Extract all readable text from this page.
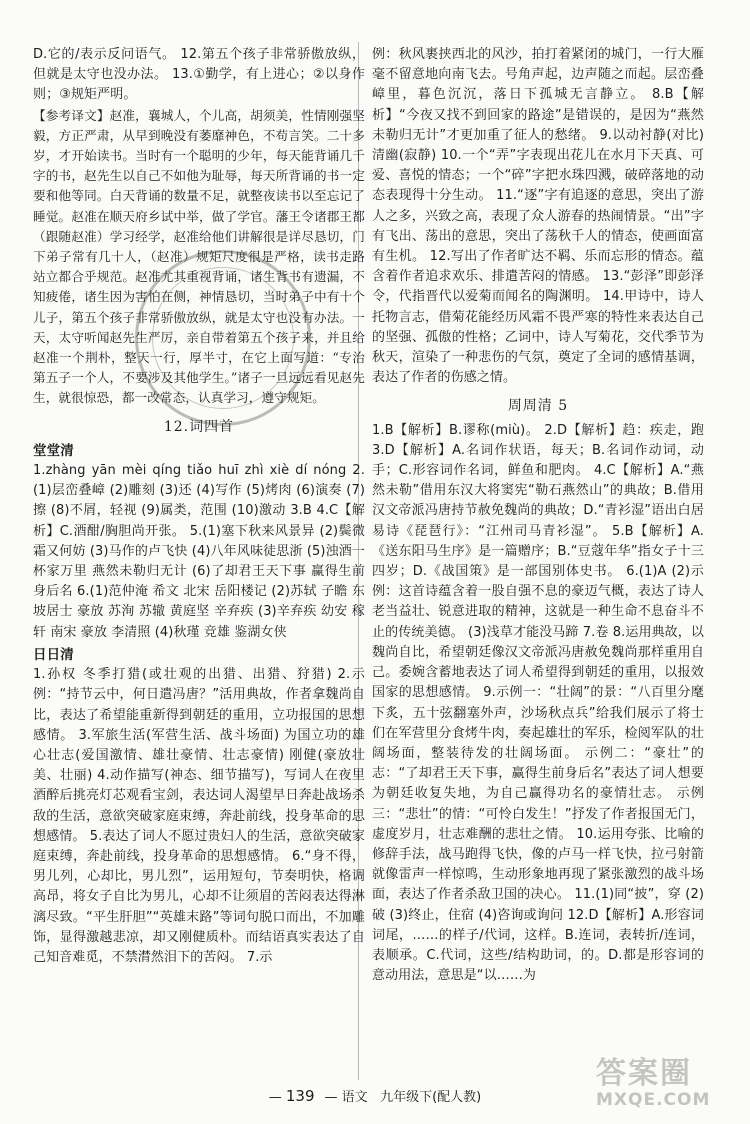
D.它的/表示反问语气。 12.第五个孩子非常骄傲放纵，但就是太守也没办法。 13.①勤学，有上进心；②以身作则；③规矩严明。

【参考译文】赵准，襄城人，个儿高，胡须美，性情刚强坚毅，方正严肃，从早到晚没有萎靡神色，不苟言笑。二十多岁，才开始读书。当时有一个聪明的少年，每天能背诵几千字的书，赵先生以自己不如他为耻辱，每天所背诵的书一定要和他等同。白天背诵的数量不足，就整夜读书以至忘记了睡觉。赵准在顺天府乡试中举，做了学官。藩王令诸郡王都（跟随赵准）学习经学，赵准给他们讲解很是详尽恳切，门下弟子常有几十人，（赵准）规矩尺度很是严格，读书走路站立都合乎规范。赵准尤其重视背诵，诸生背书有遗漏，不知疲倦，诸生因为害怕在侧，神情恳切，当时弟子中有十个儿子，第五个孩子非常骄傲放纵，就是太守也没有办法。一天，太守听闻赵先生严厉，亲自带着第五个孩子来，并且给赵准一个荆朴，整天一行，厚半寸，在它上面写道：“专治第五子一个人，不要涉及其他学生。”诸子一旦远远看见赵先生，就很惊恐，都一改常态，认真学习，遵守规矩。

12.词四首
堂堂清

1.zhàng yān mèi qíng tiǎo huī zhì xiè dí nóng 2.(1)层峦叠嶂 (2)雕刻 (3)还 (4)写作 (5)烤肉 (6)演奏 (7)擦 (8)不屑，轻视 (9)属类，范围 (10)激动 3.B 4.C【解析】C.酒酣/胸胆尚开张。 5.(1)塞下秋来风景异 (2)鬓微霜又何妨 (3)马作的卢飞快 (4)八年风味徒思浙 (5)浊酒一杯家万里 燕然未勒归无计 (6)了却君王天下事 赢得生前身后名 6.(1)范仲淹 希文 北宋 岳阳楼记 (2)苏轼 子瞻 东坡居士 豪放 苏洵 苏辙 黄庭坚 辛弃疾 (3)辛弃疾 幼安 稼轩 南宋 豪放 李清照 (4)秋瑾 竞雄 鉴湖女侠

日日清

1.孙权 冬季打猎(或壮观的出猎、出猎、狩猎) 2.示例：“持节云中，何日遣冯唐？”活用典故，作者拿魏尚自比，表达了希望能重新得到朝廷的重用，立功报国的思想感情。 3.军旅生活(军营生活、战斗场面) 为国立功的雄心壮志(爱国激情、雄壮豪情、壮志豪情) 刚健(豪放壮美、壮丽) 4.动作描写(神态、细节描写)，写词人在夜里酒醉后挑亮灯芯观看宝剑，表达词人渴望早日奔赴战场杀敌的生活，意欲突破家庭束缚，奔赴前线，投身革命的思想感情。 5.表达了词人不愿过贵妇人的生活，意欲突破家庭束缚，奔赴前线，投身革命的思想感情。 6.“身不得，男儿列，心却比，男儿烈”，运用短句，节奏明快，格调高昂，将女子自比为男儿，心却不让须眉的苦闷表达得淋漓尽致。“平生肝胆”“英雄末路”等词句脱口而出，不加雕饰，显得激越悲凉，却又刚健质朴。而结语真实表达了自己知音难觅，不禁潸然泪下的苦闷。 7.示

例：秋风裹挟西北的风沙，拍打着紧闭的城门，一行大雁毫不留意地向南飞去。号角声起，边声随之而起。层峦叠嶂里，暮色沉沉，落日下孤城无言静立。 8.B【解析】“今夜又找不到回家的路途”是错误的，是因为“燕然未勒归无计”才更加重了征人的愁绪。 9.以动衬静(对比) 清幽(寂静) 10.一个“弄”字表现出花儿在水月下天真、可爱、喜悦的情态；一个“碎”字把水珠四溅，破碎落地的动态表现得十分生动。 11.“逐”字有追逐的意思，突出了游人之多，兴致之高，表现了众人游春的热闹情景。“出”字有飞出、荡出的意思，突出了荡秋千人的情态，使画面富有生机。 12.写出了作者旷达不羁、乐而忘形的情态。蕴含着作者追求欢乐、排遣苦闷的情感。 13.“彭泽”即彭泽令，代指晋代以爱菊而闻名的陶渊明。 14.甲诗中，诗人托物言志，借菊花能经历风霜不畏严寒的特性来表达自己的坚强、孤傲的性格；乙词中，诗人写菊花，交代季节为秋天，渲染了一种悲伤的气氛，奠定了全词的感情基调，表达了作者的伤感之情。

周周清 5

1.B【解析】B.谬称(miù)。 2.D【解析】趋：疾走，跑 3.D【解析】A.名词作状语，每天；B.名词作动词，动手；C.形容词作名词，鲜鱼和肥肉。 4.C【解析】A.“燕然未勒”借用东汉大将窦宪“勒石燕然山”的典故；B.借用汉文帝派冯唐持节赦免魏尚的典故；D.“青衫湿”语出白居易诗《琵琶行》：“江州司马青衫湿”。 5.B【解析】A.《送东阳马生序》是一篇赠序；B.“豆蔻年华”指女子十三四岁；D.《战国策》是一部国别体史书。 6.(1)A (2)示例：这首诗蕴含着一股自强不息的豪迈气概，表达了诗人老当益壮、锐意进取的精神，这就是一种生命不息奋斗不止的传统美德。 (3)浅草才能没马蹄 7.卷 8.运用典故，以魏尚自比，希望朝廷像汉文帝派冯唐赦免魏尚那样重用自己。委婉含蓄地表达了词人希望得到朝廷的重用，以报效国家的思想感情。 9.示例一：“壮阔”的景：“八百里分麾下炙，五十弦翻塞外声，沙场秋点兵”给我们展示了将士们在军营里分食烤牛肉，奏起雄壮的军乐，检阅军队的壮阔场面，整装待发的壮阔场面。 示例二：“豪壮”的志：“了却君王天下事，赢得生前身后名”表达了词人想要为朝廷收复失地，为自己赢得功名的豪情壮志。 示例三：“悲壮”的情：“可怜白发生！”抒发了作者报国无门，虚度岁月，壮志难酬的悲壮之情。 10.运用夸张、比喻的修辞手法，战马跑得飞快，像的卢马一样飞快，拉弓射箭就像雷声一样惊鸣，生动形象地再现了紧张激烈的战斗场面，表达了作者杀敌卫国的决心。 11.(1)同“披”，穿 (2)破 (3)终止，住宿 (4)咨询或询问 12.D【解析】A.形容词词尾，……的样子/代词，这样。B.连词，表转折/连词，表顺承。C.代词，这些/结构助词，的。D.都是形容词的意动用法，意思是“以……为

— 139 — 语文 九年级下(配人教)
答案圈
MXQE.COM
